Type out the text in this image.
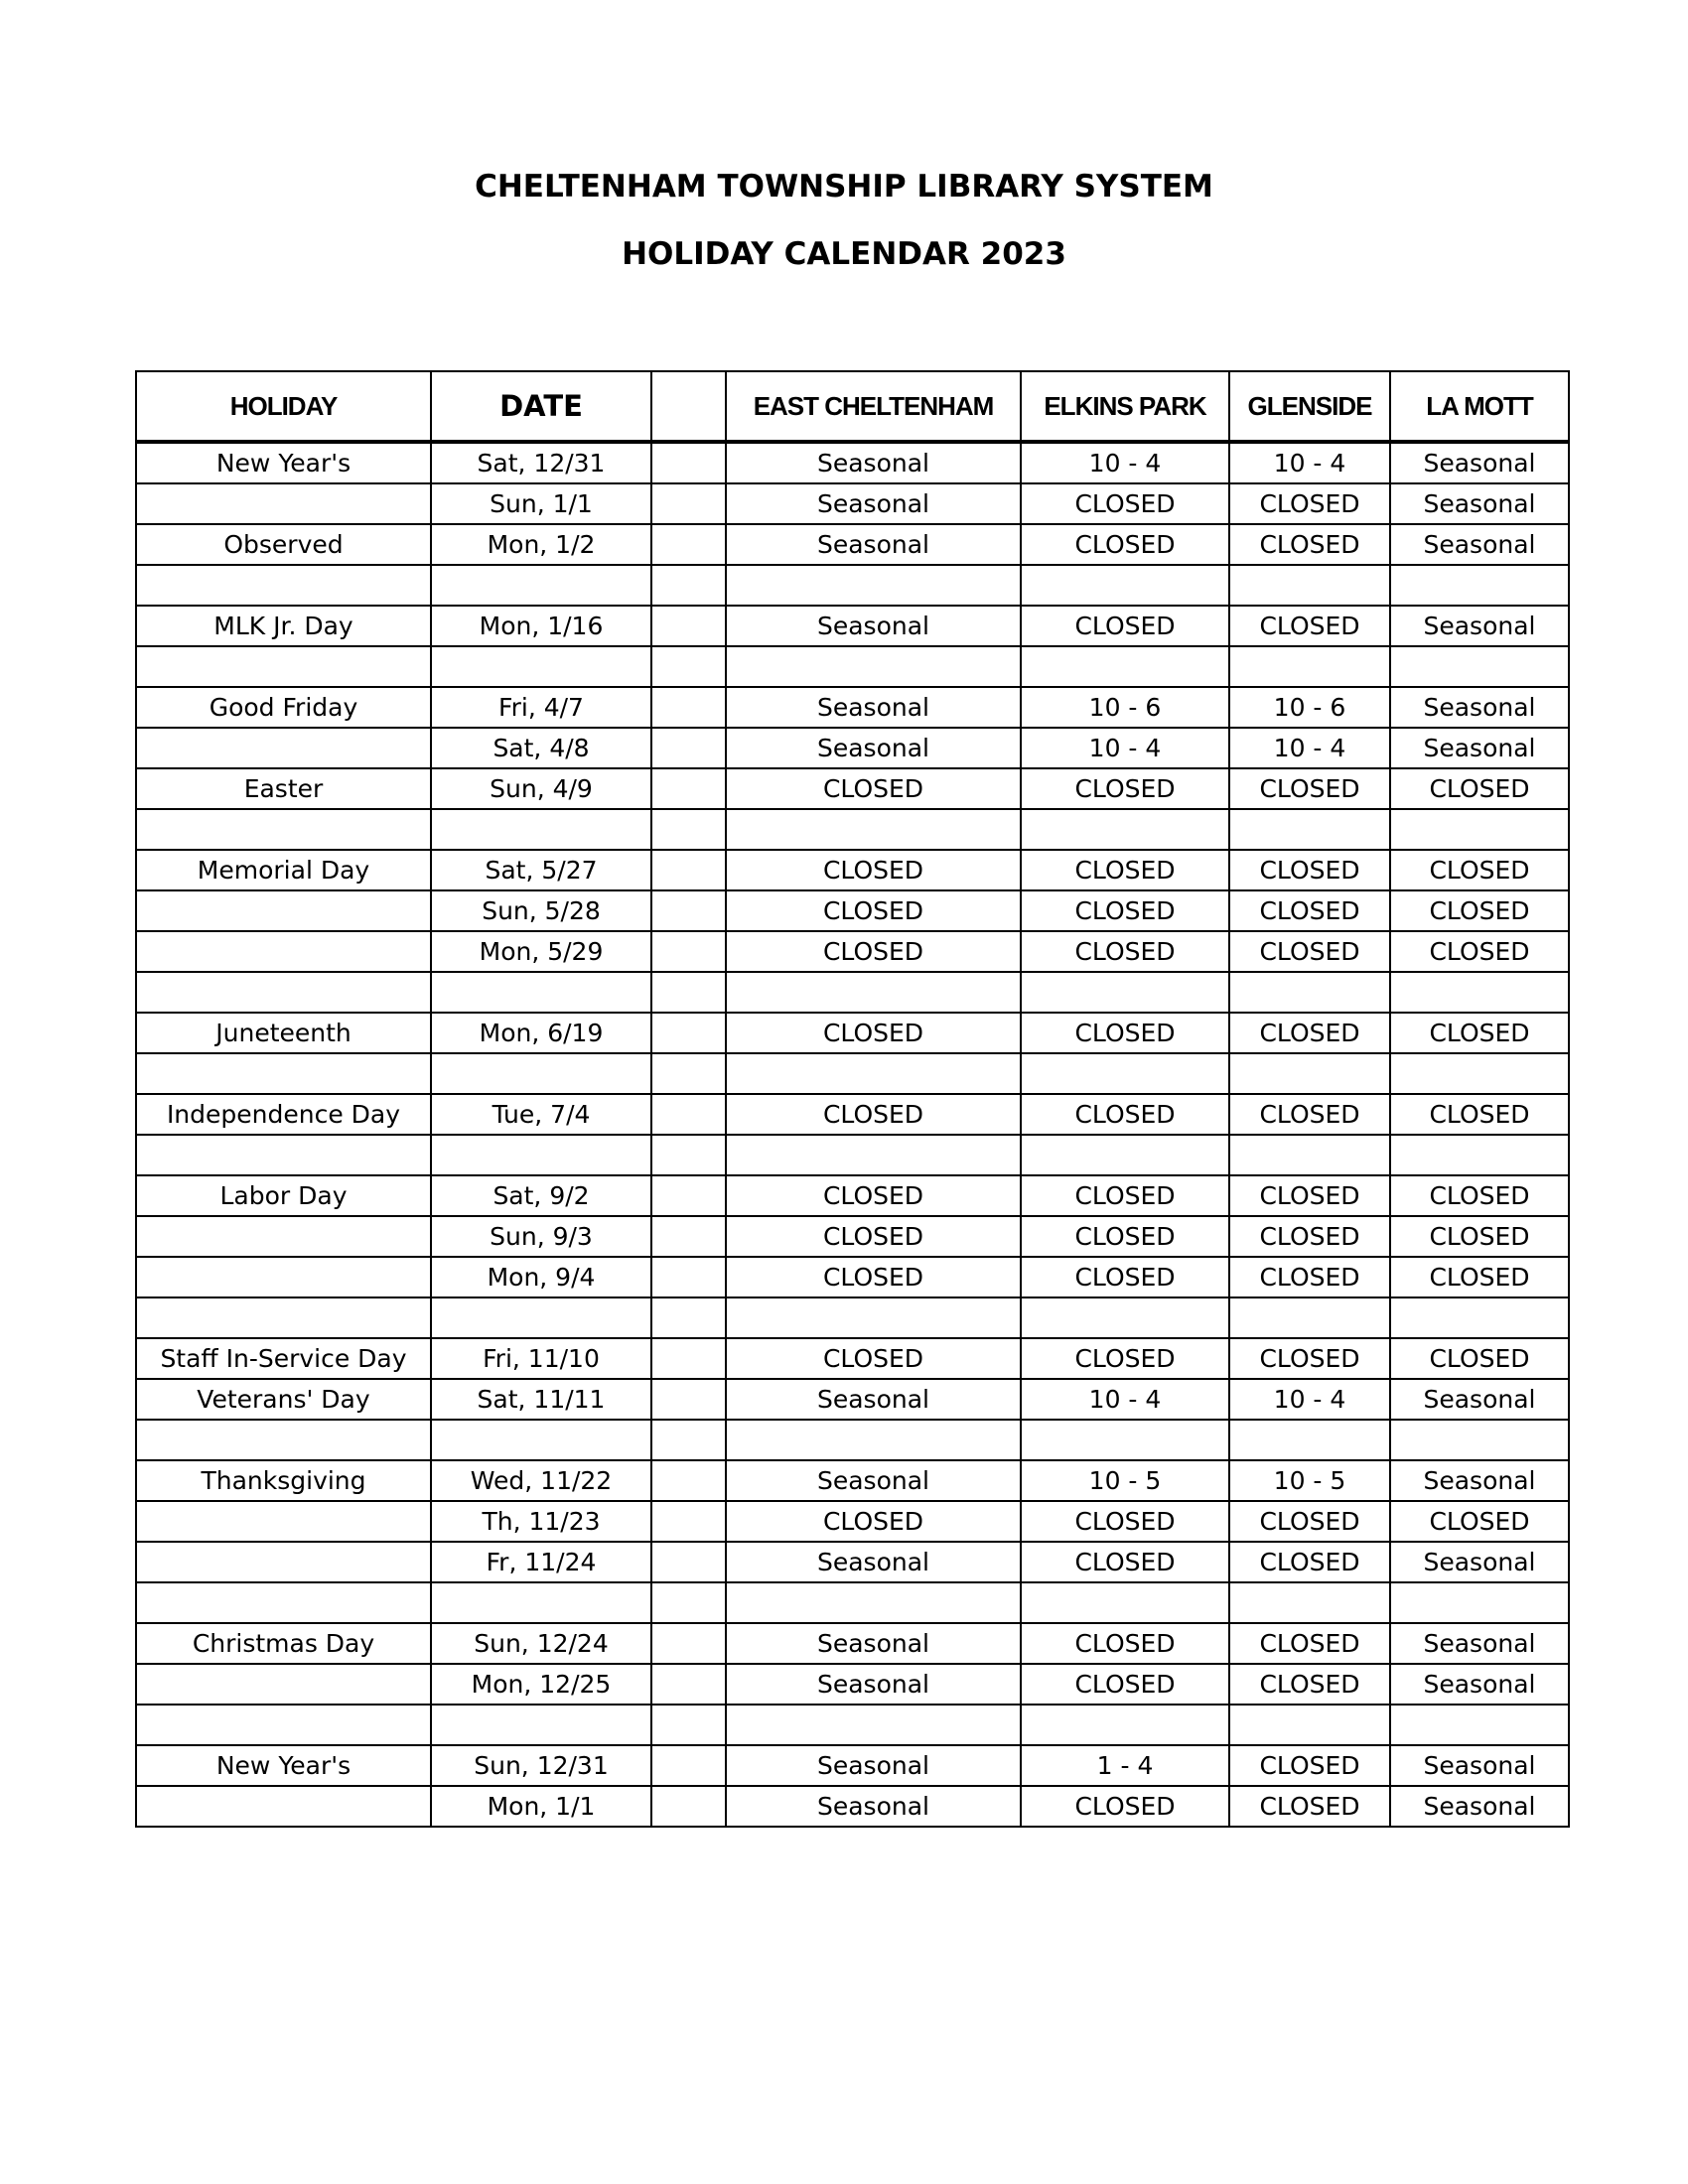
CHELTENHAM TOWNSHIP LIBRARY SYSTEM
HOLIDAY CALENDAR 2023
HOLIDAY	DATE		EAST CHELTENHAM	ELKINS PARK	GLENSIDE	LA MOTT
New Year's	Sat, 12/31		Seasonal	10 - 4	10 - 4	Seasonal
	Sun, 1/1		Seasonal	CLOSED	CLOSED	Seasonal
Observed	Mon, 1/2		Seasonal	CLOSED	CLOSED	Seasonal

MLK Jr. Day	Mon, 1/16		Seasonal	CLOSED	CLOSED	Seasonal

Good Friday	Fri, 4/7		Seasonal	10 - 6	10 - 6	Seasonal
	Sat, 4/8		Seasonal	10 - 4	10 - 4	Seasonal
Easter	Sun, 4/9		CLOSED	CLOSED	CLOSED	CLOSED

Memorial Day	Sat, 5/27		CLOSED	CLOSED	CLOSED	CLOSED
	Sun, 5/28		CLOSED	CLOSED	CLOSED	CLOSED
	Mon, 5/29		CLOSED	CLOSED	CLOSED	CLOSED

Juneteenth	Mon, 6/19		CLOSED	CLOSED	CLOSED	CLOSED

Independence Day	Tue, 7/4		CLOSED	CLOSED	CLOSED	CLOSED

Labor Day	Sat, 9/2		CLOSED	CLOSED	CLOSED	CLOSED
	Sun, 9/3		CLOSED	CLOSED	CLOSED	CLOSED
	Mon, 9/4		CLOSED	CLOSED	CLOSED	CLOSED

Staff In-Service Day	Fri, 11/10		CLOSED	CLOSED	CLOSED	CLOSED
Veterans' Day	Sat, 11/11		Seasonal	10 - 4	10 - 4	Seasonal

Thanksgiving	Wed, 11/22		Seasonal	10 - 5	10 - 5	Seasonal
	Th, 11/23		CLOSED	CLOSED	CLOSED	CLOSED
	Fr, 11/24		Seasonal	CLOSED	CLOSED	Seasonal

Christmas Day	Sun, 12/24		Seasonal	CLOSED	CLOSED	Seasonal
	Mon, 12/25		Seasonal	CLOSED	CLOSED	Seasonal

New Year's	Sun, 12/31		Seasonal	1 - 4	CLOSED	Seasonal
	Mon, 1/1		Seasonal	CLOSED	CLOSED	Seasonal
